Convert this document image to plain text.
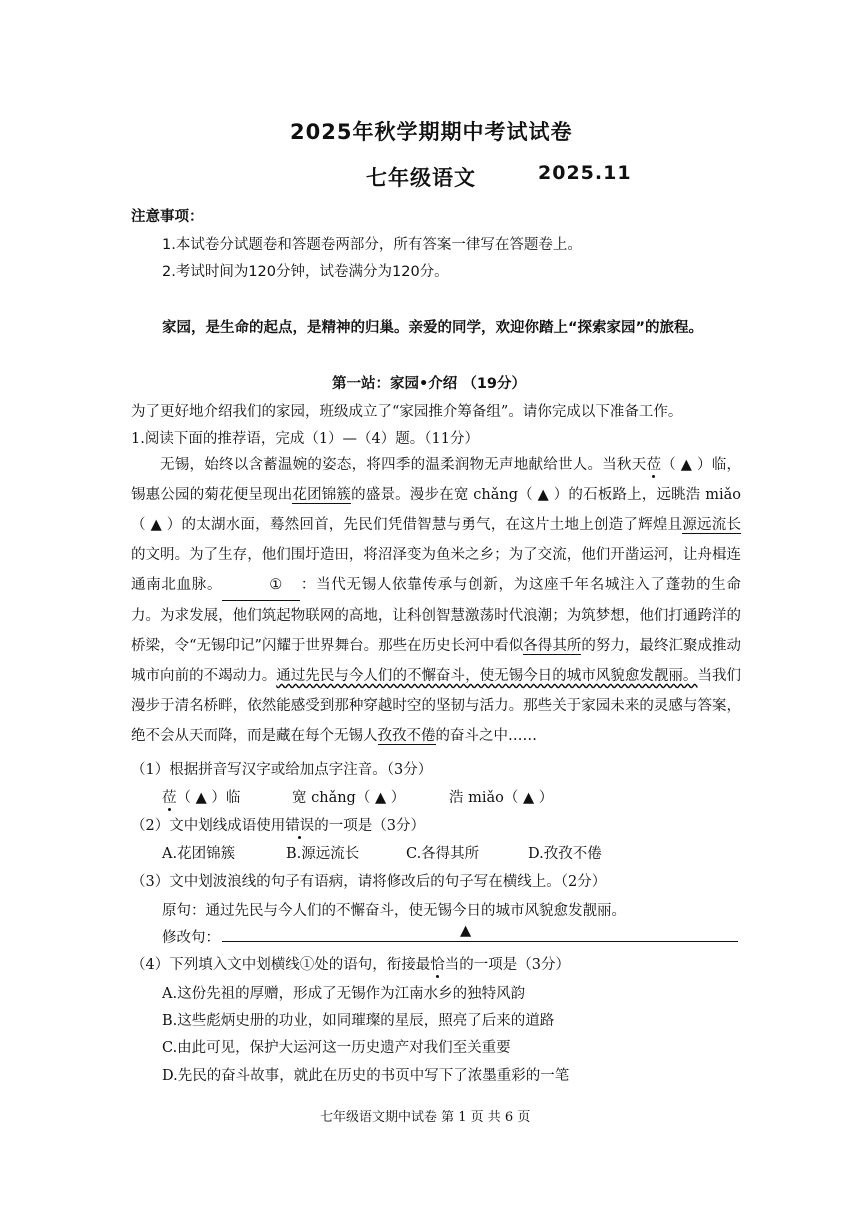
2025年秋学期期中考试试卷
七年级语文	2025.11
注意事项：
1.本试卷分试题卷和答题卷两部分，所有答案一律写在答题卷上。
2.考试时间为120分钟，试卷满分为120分。
家园，是生命的起点，是精神的归巢。亲爱的同学，欢迎你踏上“探索家园”的旅程。
第一站：家园•介绍 （19分）
为了更好地介绍我们的家园，班级成立了“家园推介筹备组”。请你完成以下准备工作。
1.阅读下面的推荐语，完成（1）—（4）题。（11分）
无锡，始终以含蓄温婉的姿态，将四季的温柔润物无声地献给世人。当秋天莅（ ▲ ）临，锡惠公园的菊花便呈现出花团锦簇的盛景。漫步在宽 chǎng（ ▲ ）的石板路上，远眺浩 miǎo（ ▲ ）的太湖水面，蓦然回首，先民们凭借智慧与勇气，在这片土地上创造了辉煌且源远流长的文明。为了生存，他们围圩造田，将沼泽变为鱼米之乡；为了交流，他们开凿运河，让舟楫连通南北血脉。	① ：当代无锡人依靠传承与创新，为这座千年名城注入了蓬勃的生命力。为求发展，他们筑起物联网的高地，让科创智慧激荡时代浪潮；为筑梦想，他们打通跨洋的桥梁，令“无锡印记”闪耀于世界舞台。那些在历史长河中看似各得其所的努力，最终汇聚成推动城市向前的不竭动力。通过先民与今人们的不懈奋斗，使无锡今日的城市风貌愈发靓丽。当我们漫步于清名桥畔，依然能感受到那种穿越时空的坚韧与活力。那些关于家园未来的灵感与答案，绝不会从天而降，而是藏在每个无锡人孜孜不倦的奋斗之中……
（1）根据拼音写汉字或给加点字注音。（3分）
莅（ ▲ ）临	宽 chǎng（ ▲ ）	浩 miǎo（ ▲ ）
（2）文中划线成语使用错误的一项是（3分）
A.花团锦簇	B.源远流长	C.各得其所	D.孜孜不倦
（3）文中划波浪线的句子有语病，请将修改后的句子写在横线上。（2分）
原句：通过先民与今人们的不懈奋斗，使无锡今日的城市风貌愈发靓丽。
修改句：	▲
（4）下列填入文中划横线①处的语句，衔接最恰当的一项是（3分）
A.这份先祖的厚赠，形成了无锡作为江南水乡的独特风韵
B.这些彪炳史册的功业，如同璀璨的星辰，照亮了后来的道路
C.由此可见，保护大运河这一历史遗产对我们至关重要
D.先民的奋斗故事，就此在历史的书页中写下了浓墨重彩的一笔
七年级语文期中试卷 第 1 页 共 6 页
